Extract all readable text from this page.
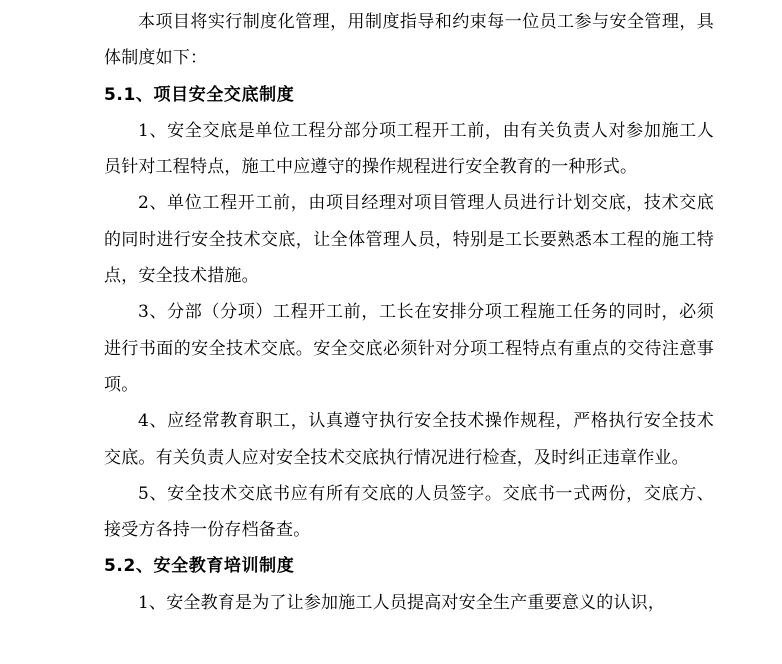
本项目将实行制度化管理，用制度指导和约束每一位员工参与安全管理，具体制度如下：

5.1、项目安全交底制度

1、安全交底是单位工程分部分项工程开工前，由有关负责人对参加施工人员针对工程特点，施工中应遵守的操作规程进行安全教育的一种形式。

2、单位工程开工前，由项目经理对项目管理人员进行计划交底，技术交底的同时进行安全技术交底，让全体管理人员，特别是工长要熟悉本工程的施工特点，安全技术措施。

3、分部（分项）工程开工前，工长在安排分项工程施工任务的同时，必须进行书面的安全技术交底。安全交底必须针对分项工程特点有重点的交待注意事项。

4、应经常教育职工，认真遵守执行安全技术操作规程，严格执行安全技术交底。有关负责人应对安全技术交底执行情况进行检查，及时纠正违章作业。

5、安全技术交底书应有所有交底的人员签字。交底书一式两份，交底方、接受方各持一份存档备查。

5.2、安全教育培训制度

1、安全教育是为了让参加施工人员提高对安全生产重要意义的认识，
